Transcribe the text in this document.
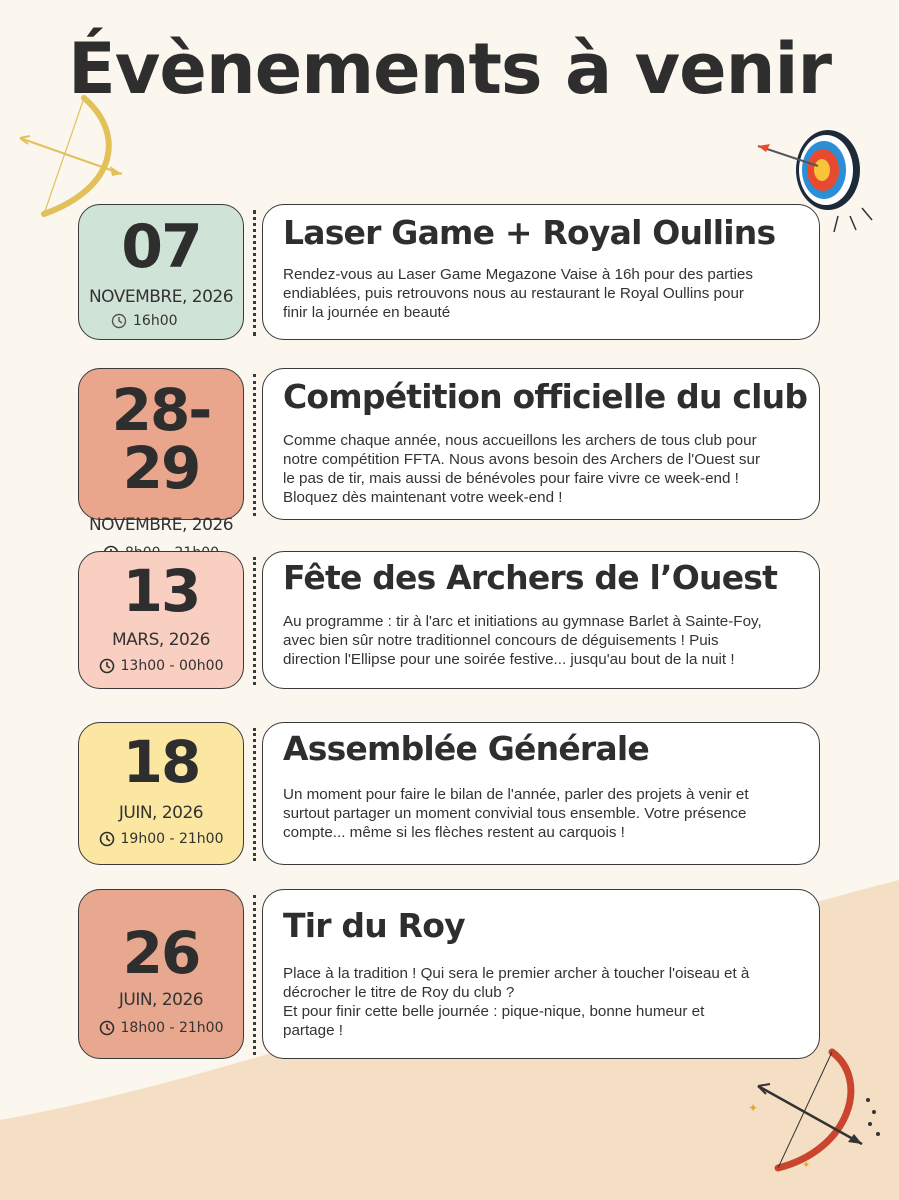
Évènements à venir
✦
✦
07
NOVEMBRE, 2026
16h00
Laser Game + Royal Oullins

Rendez-vous au Laser Game Megazone Vaise à 16h pour des parties
endiablées, puis retrouvons nous au restaurant le Royal Oullins pour
finir la journée en beauté

28-29
NOVEMBRE, 2026
Compétition officielle du club

Comme chaque année, nous accueillons les archers de tous club pour
notre compétition FFTA. Nous avons besoin des Archers de l'Ouest sur
le pas de tir, mais aussi de bénévoles pour faire vivre ce week-end !
Bloquez dès maintenant votre week-end !

13
MARS, 2026
13h00 - 00h00
Fête des Archers de l’Ouest

Au programme : tir à l'arc et initiations au gymnase Barlet à Sainte-Foy,
avec bien sûr notre traditionnel concours de déguisements ! Puis
direction l'Ellipse pour une soirée festive... jusqu'au bout de la nuit !

18
JUIN, 2026
19h00 - 21h00
Assemblée Générale

Un moment pour faire le bilan de l'année, parler des projets à venir et
surtout partager un moment convivial tous ensemble. Votre présence
compte... même si les flèches restent au carquois !

26
JUIN, 2026
18h00 - 21h00
Tir du Roy

Place à la tradition ! Qui sera le premier archer à toucher l'oiseau et à
décrocher le titre de Roy du club ?
Et pour finir cette belle journée : pique-nique, bonne humeur et
partage !
